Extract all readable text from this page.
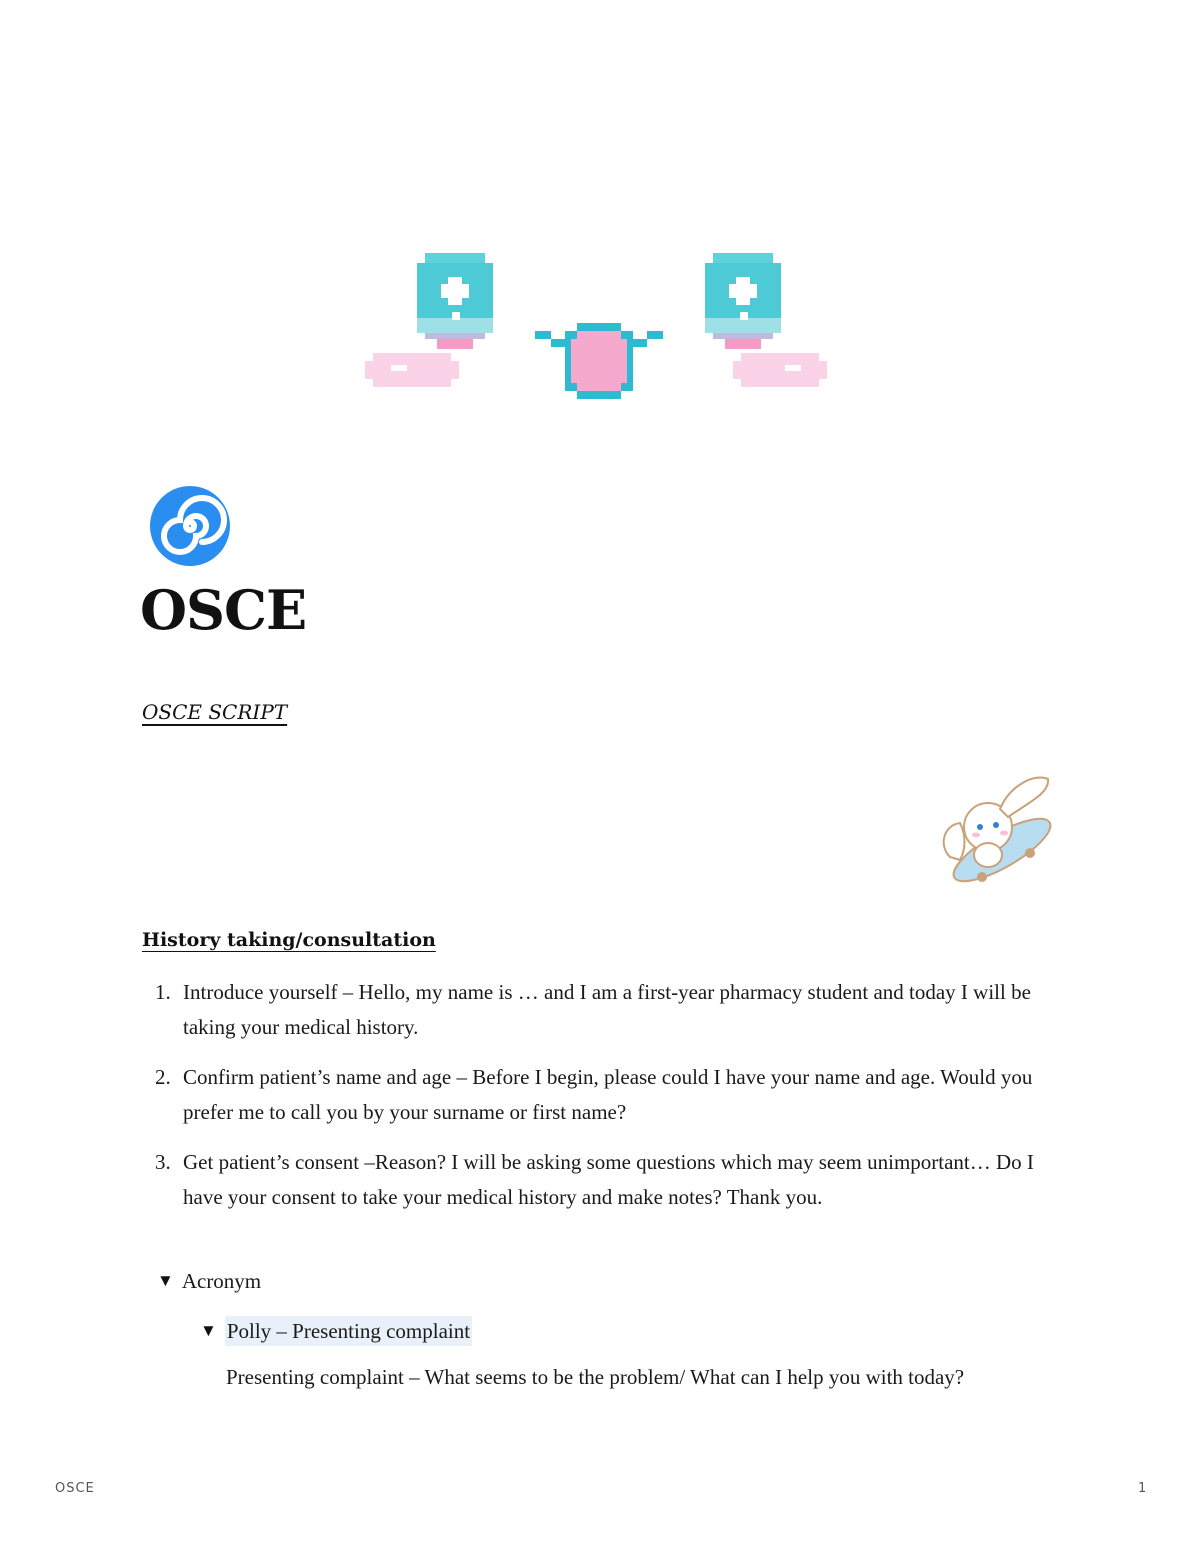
OSCE
OSCE SCRIPT
History taking/consultation
1. Introduce yourself – Hello, my name is … and I am a first-year pharmacy student and today I will be taking your medical history.
2. Confirm patient’s name and age – Before I begin, please could I have your name and age. Would you prefer me to call you by your surname or first name?
3. Get patient’s consent –Reason? I will be asking some questions which may seem unimportant… Do I have your consent to take your medical history and make notes? Thank you.
▼ Acronym
▼ Polly – Presenting complaint
Presenting complaint – What seems to be the problem/ What can I help you with today?
OSCE	1
